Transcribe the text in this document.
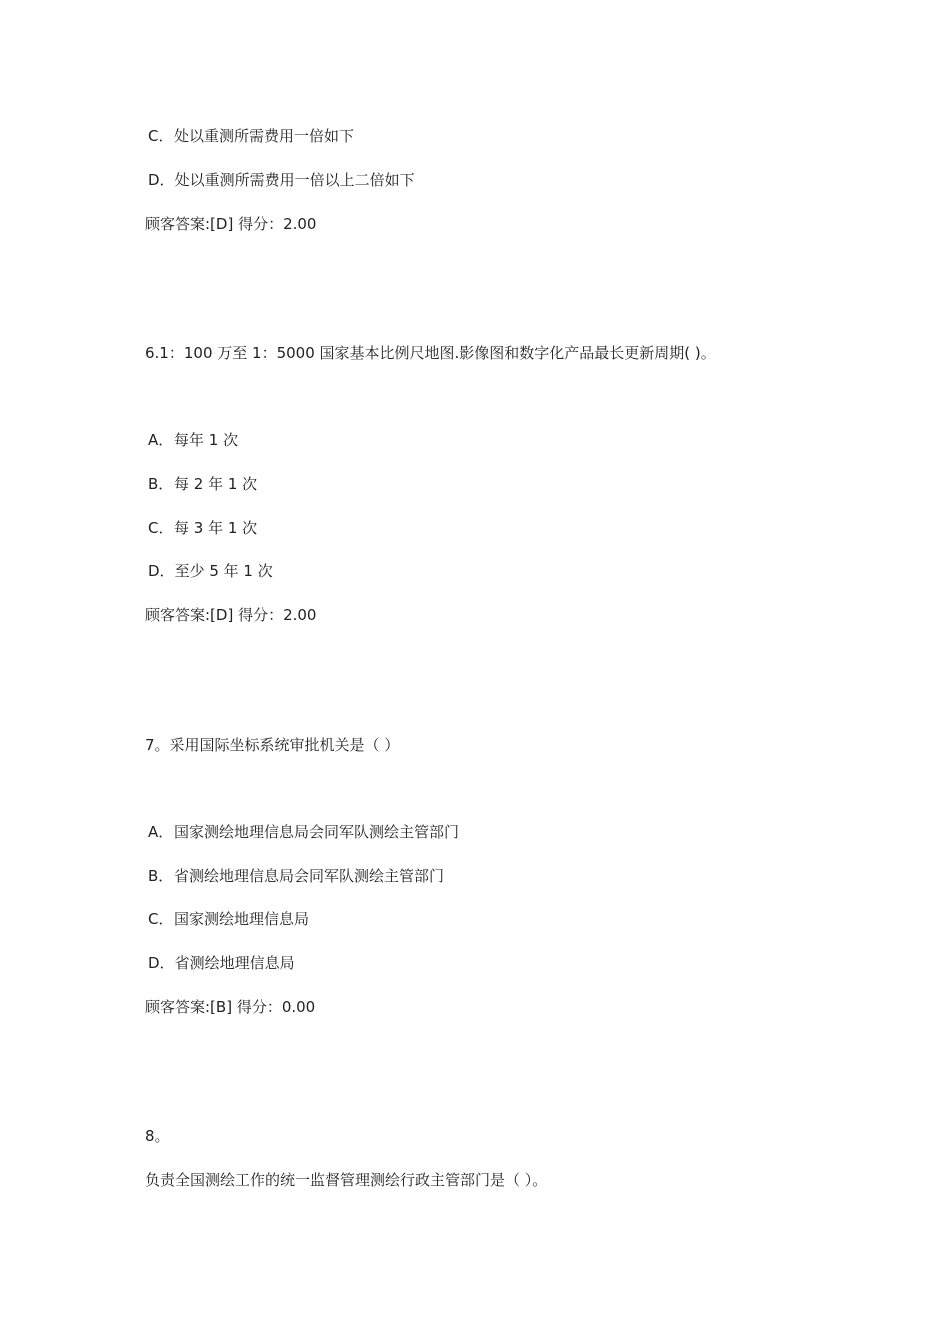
C．处以重测所需费用一倍如下
D．处以重测所需费用一倍以上二倍如下
顾客答案:[D] 得分：2.00
6.1：100 万至 1：5000 国家基本比例尺地图.影像图和数字化产品最长更新周期( )。
A．每年 1 次
B．每 2 年 1 次
C．每 3 年 1 次
D．至少 5 年 1 次
顾客答案:[D] 得分：2.00
7。采用国际坐标系统审批机关是（ ）
A．国家测绘地理信息局会同军队测绘主管部门
B．省测绘地理信息局会同军队测绘主管部门
C．国家测绘地理信息局
D．省测绘地理信息局
顾客答案:[B] 得分：0.00
8。
负责全国测绘工作的统一监督管理测绘行政主管部门是（ ）。
